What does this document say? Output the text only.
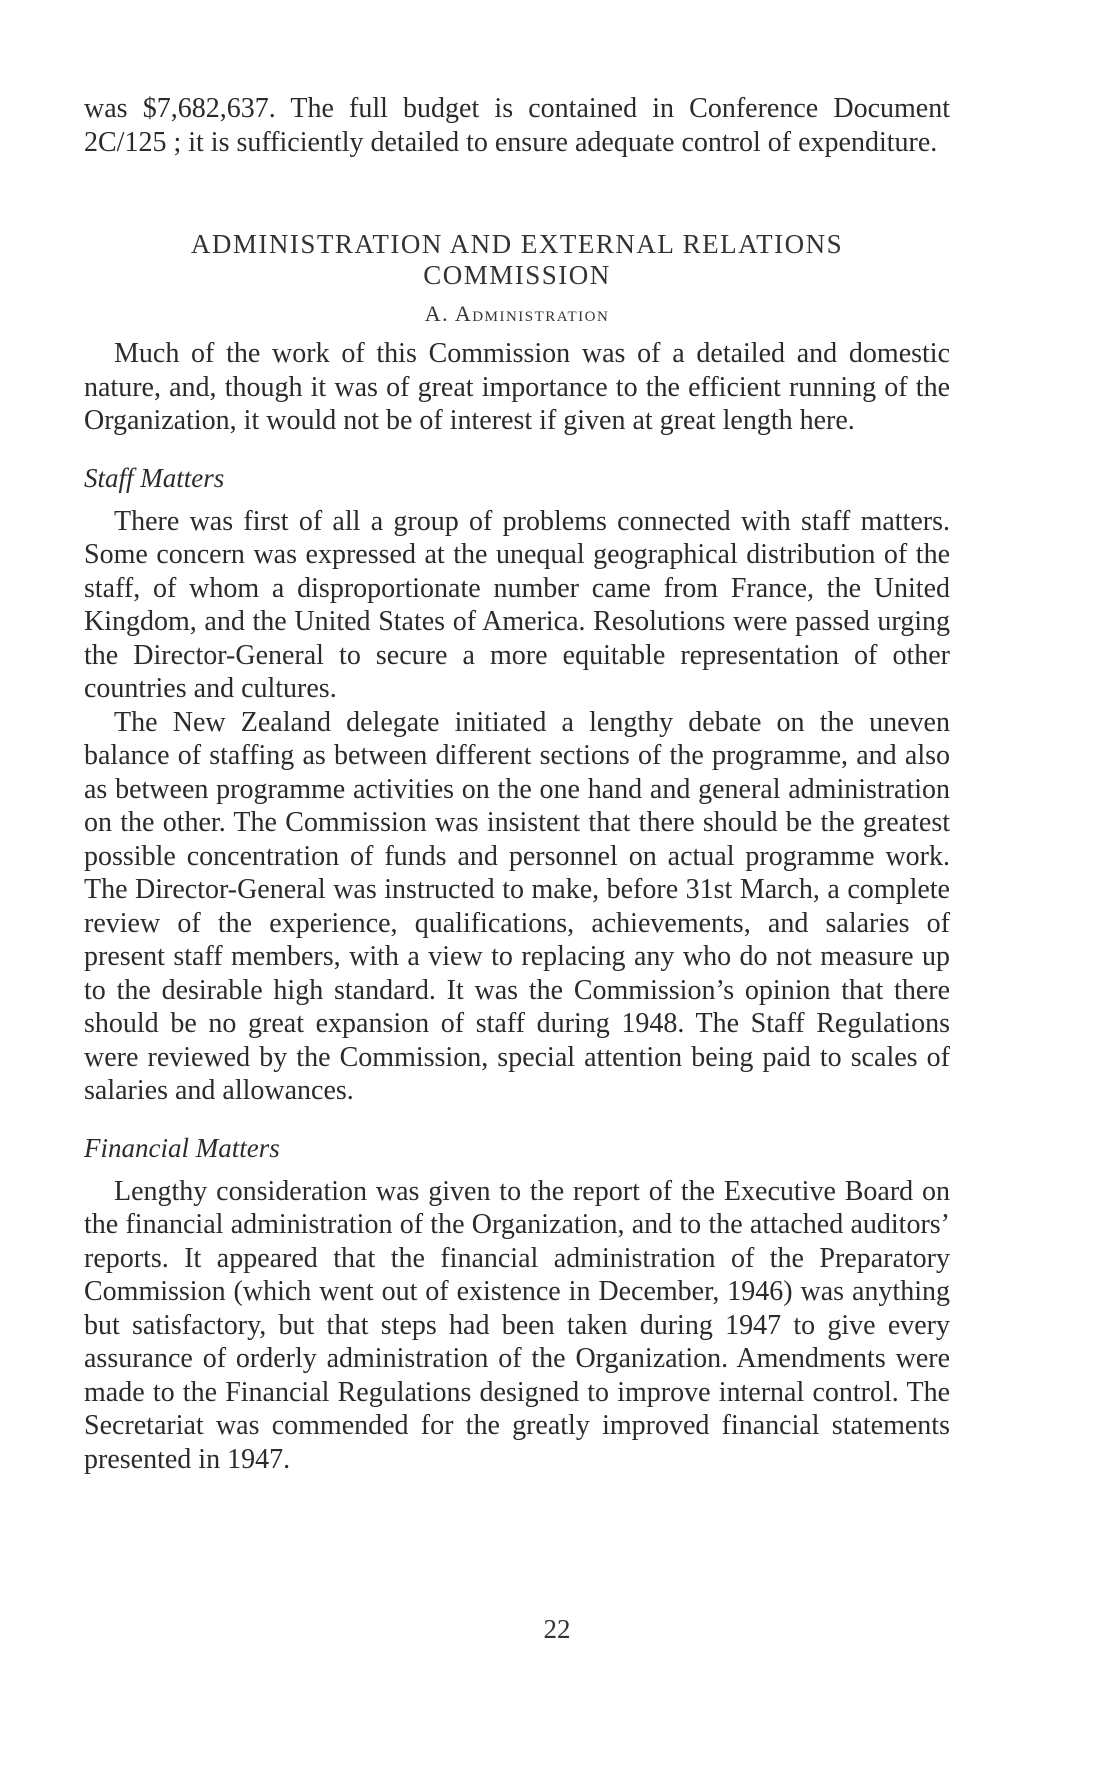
was $7,682,637. The full budget is contained in Conference Document 2C/125 ; it is sufficiently detailed to ensure adequate control of expenditure.

ADMINISTRATION AND EXTERNAL RELATIONS
COMMISSION
A. Administration

Much of the work of this Commission was of a detailed and domestic nature, and, though it was of great importance to the efficient running of the Organization, it would not be of interest if given at great length here.

Staff Matters

There was first of all a group of problems connected with staff matters. Some concern was expressed at the unequal geographical distribution of the staff, of whom a disproportionate number came from France, the United Kingdom, and the United States of America. Resolutions were passed urging the Director-General to secure a more equitable representation of other countries and cultures.

The New Zealand delegate initiated a lengthy debate on the uneven balance of staffing as between different sections of the programme, and also as between programme activities on the one hand and general administration on the other. The Commission was insistent that there should be the greatest possible concentration of funds and personnel on actual programme work. The Director-General was instructed to make, before 31st March, a complete review of the experience, qualifications, achievements, and salaries of present staff members, with a view to replacing any who do not measure up to the desirable high standard. It was the Commission’s opinion that there should be no great expansion of staff during 1948. The Staff Regulations were reviewed by the Commission, special attention being paid to scales of salaries and allowances.

Financial Matters

Lengthy consideration was given to the report of the Executive Board on the financial administration of the Organization, and to the attached auditors’ reports. It appeared that the financial administration of the Preparatory Commission (which went out of existence in December, 1946) was anything but satisfactory, but that steps had been taken during 1947 to give every assurance of orderly administration of the Organization. Amendments were made to the Financial Regulations designed to improve internal control. The Secretariat was commended for the greatly improved financial statements presented in 1947.

22
